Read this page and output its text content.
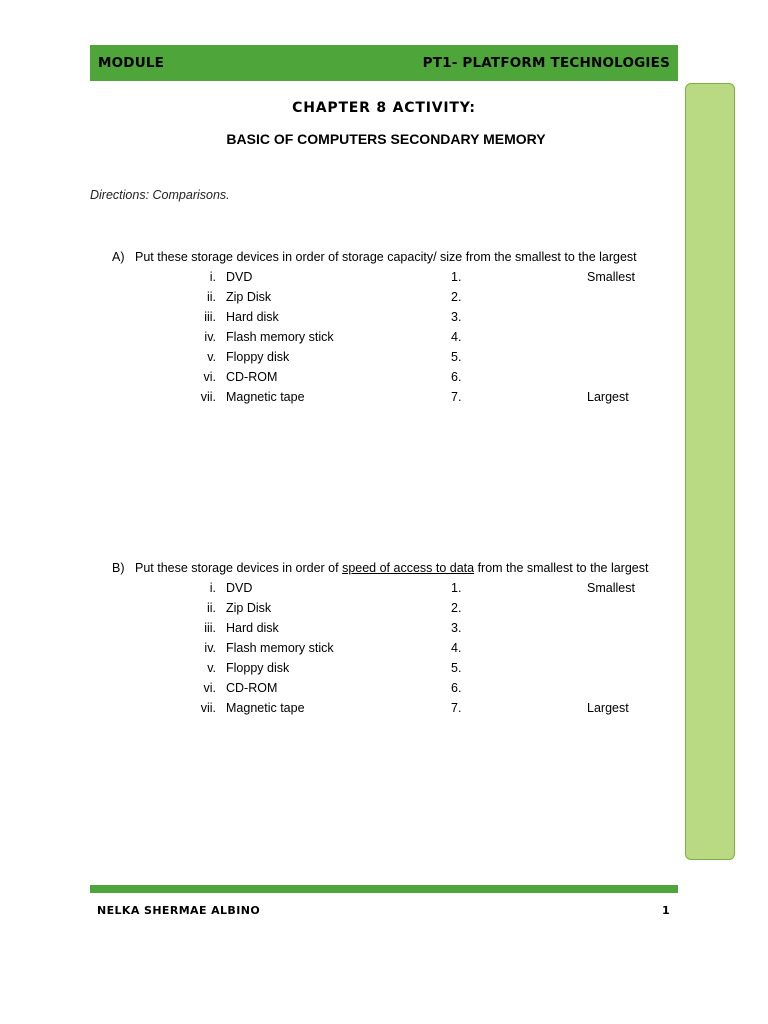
MODULE	PT1- PLATFORM TECHNOLOGIES
CHAPTER 8 ACTIVITY:
BASIC OF COMPUTERS SECONDARY MEMORY
Directions: Comparisons.
A) Put these storage devices in order of storage capacity/ size from the smallest to the largest
i. DVD	1.	Smallest
ii. Zip Disk	2.
iii. Hard disk	3.
iv. Flash memory stick	4.
v. Floppy disk	5.
vi. CD-ROM	6.
vii. Magnetic tape	7.	Largest
B) Put these storage devices in order of speed of access to data from the smallest to the largest
i. DVD	1.	Smallest
ii. Zip Disk	2.
iii. Hard disk	3.
iv. Flash memory stick	4.
v. Floppy disk	5.
vi. CD-ROM	6.
vii. Magnetic tape	7.	Largest
NELKA SHERMAE ALBINO	1
